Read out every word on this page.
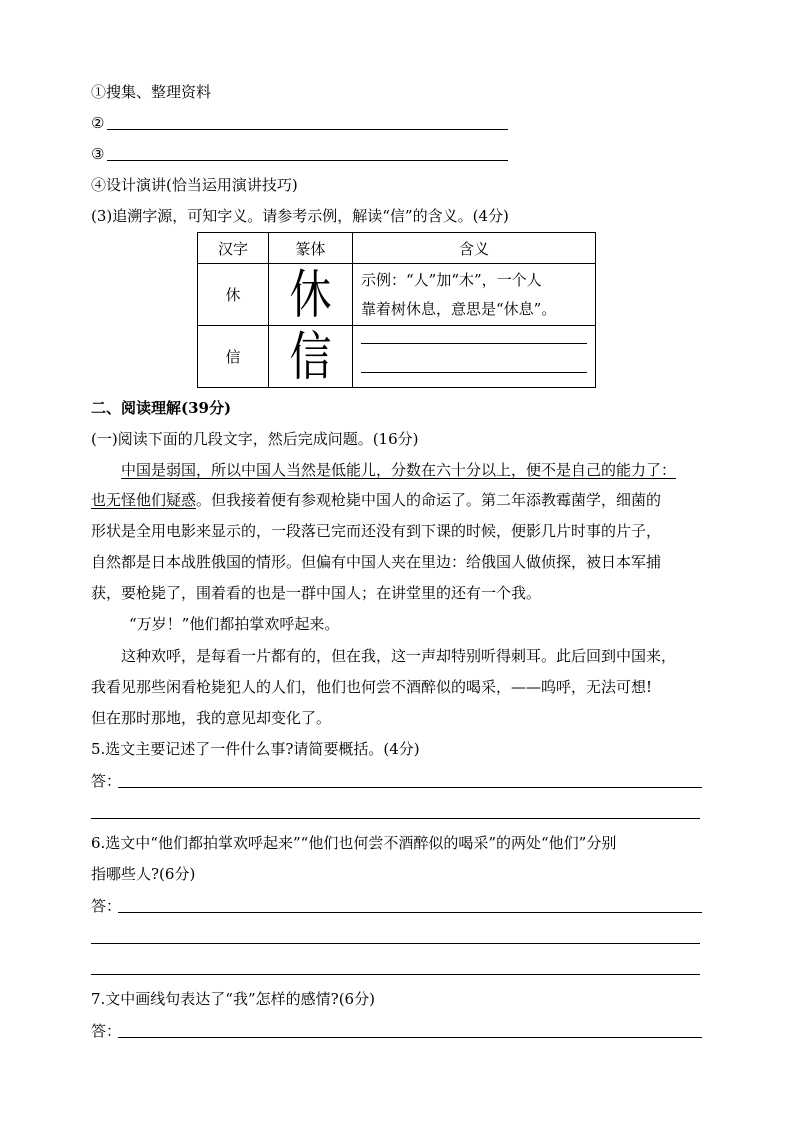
①搜集、整理资料
②
③
④设计演讲(恰当运用演讲技巧)
(3)追溯字源，可知字义。请参考示例，解读“信”的含义。(4分)
汉字	篆体	含义
休	休	示例：“人”加“木”，一个人
靠着树休息，意思是“休息”。

信	信	
二、阅读理解(39分)
(一)阅读下面的几段文字，然后完成问题。(16分)
中国是弱国，所以中国人当然是低能儿，分数在六十分以上，便不是自己的能力了：
也无怪他们疑惑。但我接着便有参观枪毙中国人的命运了。第二年添教霉菌学，细菌的
形状是全用电影来显示的，一段落已完而还没有到下课的时候，便影几片时事的片子，
自然都是日本战胜俄国的情形。但偏有中国人夹在里边：给俄国人做侦探，被日本军捕
获，要枪毙了，围着看的也是一群中国人；在讲堂里的还有一个我。
“万岁！”他们都拍掌欢呼起来。
这种欢呼，是每看一片都有的，但在我，这一声却特别听得刺耳。此后回到中国来，
我看见那些闲看枪毙犯人的人们，他们也何尝不酒醉似的喝采，——呜呼，无法可想!
但在那时那地，我的意见却变化了。
5.选文主要记述了一件什么事?请简要概括。(4分)
答：
6.选文中“他们都拍掌欢呼起来”“他们也何尝不酒醉似的喝采”的两处“他们”分别
指哪些人?(6分)
答：
7.文中画线句表达了“我”怎样的感情?(6分)
答：
